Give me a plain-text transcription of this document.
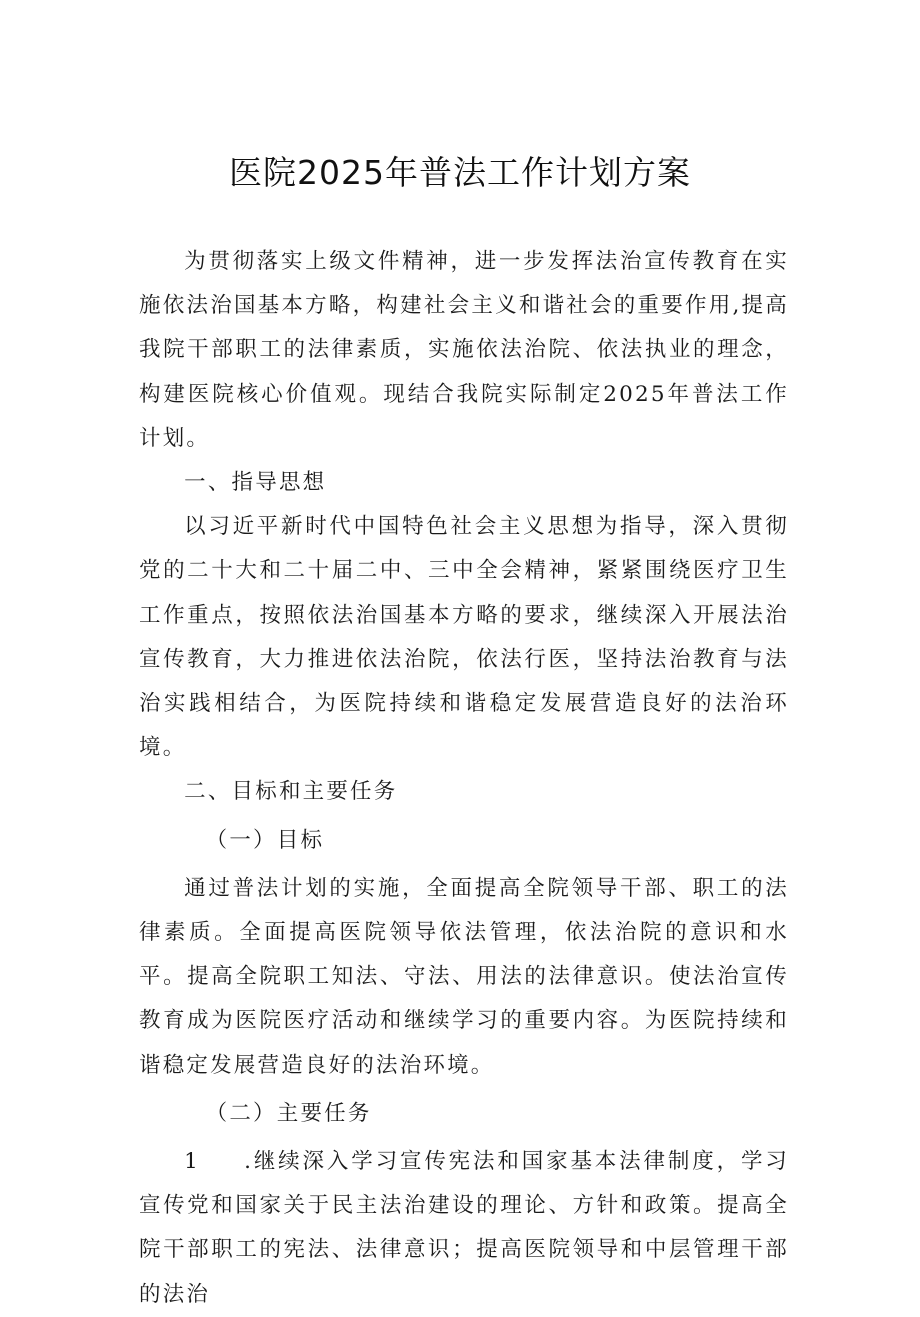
医院2025年普法工作计划方案

为贯彻落实上级文件精神，进一步发挥法治宣传教育在实施依法治国基本方略，构建社会主义和谐社会的重要作用,提高我院干部职工的法律素质，实施依法治院、依法执业的理念，构建医院核心价值观。现结合我院实际制定2025年普法工作计划。

一、指导思想

以习近平新时代中国特色社会主义思想为指导，深入贯彻党的二十大和二十届二中、三中全会精神，紧紧围绕医疗卫生工作重点，按照依法治国基本方略的要求，继续深入开展法治宣传教育，大力推进依法治院，依法行医，坚持法治教育与法治实践相结合，为医院持续和谐稳定发展营造良好的法治环境。

二、目标和主要任务

（一）目标

通过普法计划的实施，全面提高全院领导干部、职工的法律素质。全面提高医院领导依法管理，依法治院的意识和水平。提高全院职工知法、守法、用法的法律意识。使法治宣传教育成为医院医疗活动和继续学习的重要内容。为医院持续和谐稳定发展营造良好的法治环境。

（二）主要任务

1 .继续深入学习宣传宪法和国家基本法律制度，学习宣传党和国家关于民主法治建设的理论、方针和政策。提高全院干部职工的宪法、法律意识；提高医院领导和中层管理干部的法治
